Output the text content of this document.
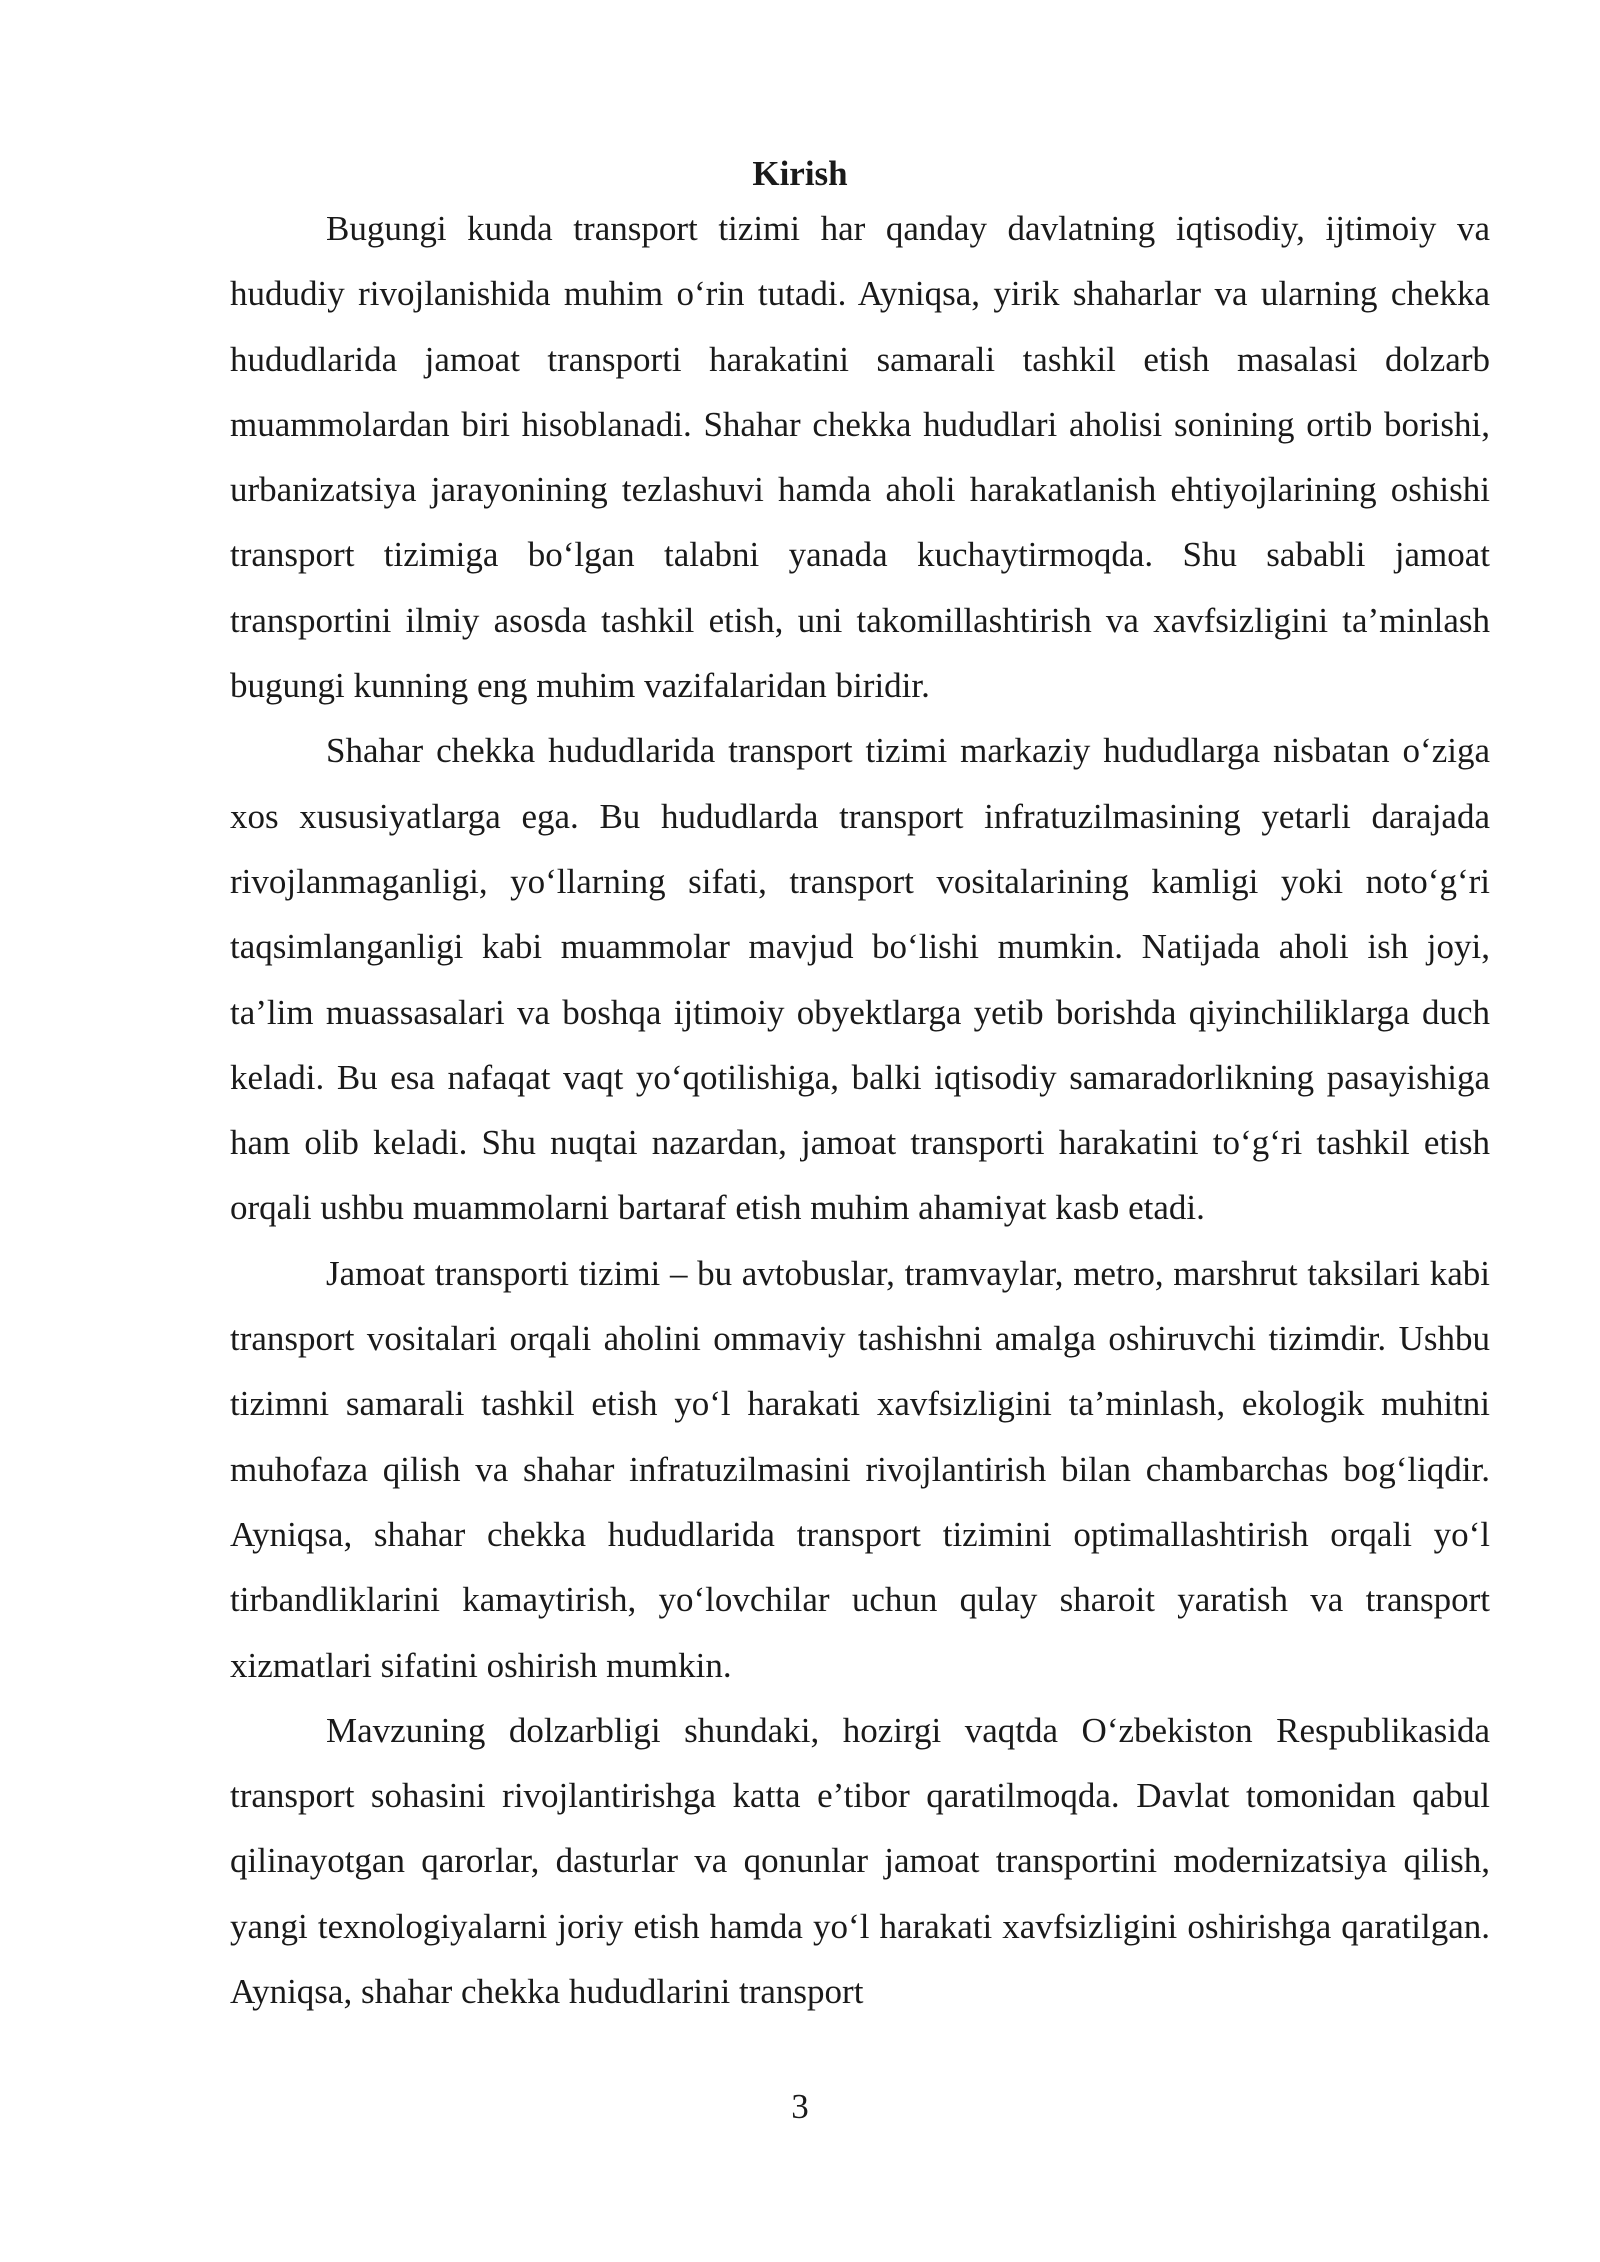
Kirish

Bugungi kunda transport tizimi har qanday davlatning iqtisodiy, ijtimoiy va hududiy rivojlanishida muhim o‘rin tutadi. Ayniqsa, yirik shaharlar va ularning chekka hududlarida jamoat transporti harakatini samarali tashkil etish masalasi dolzarb muammolardan biri hisoblanadi. Shahar chekka hududlari aholisi sonining ortib borishi, urbanizatsiya jarayonining tezlashuvi hamda aholi harakatlanish ehtiyojlarining oshishi transport tizimiga bo‘lgan talabni yanada kuchaytirmoqda. Shu sababli jamoat transportini ilmiy asosda tashkil etish, uni takomillashtirish va xavfsizligini ta’minlash bugungi kunning eng muhim vazifalaridan biridir.

Shahar chekka hududlarida transport tizimi markaziy hududlarga nisbatan o‘ziga xos xususiyatlarga ega. Bu hududlarda transport infratuzilmasining yetarli darajada rivojlanmaganligi, yo‘llarning sifati, transport vositalarining kamligi yoki noto‘g‘ri taqsimlanganligi kabi muammolar mavjud bo‘lishi mumkin. Natijada aholi ish joyi, ta’lim muassasalari va boshqa ijtimoiy obyektlarga yetib borishda qiyinchiliklarga duch keladi. Bu esa nafaqat vaqt yo‘qotilishiga, balki iqtisodiy samaradorlikning pasayishiga ham olib keladi. Shu nuqtai nazardan, jamoat transporti harakatini to‘g‘ri tashkil etish orqali ushbu muammolarni bartaraf etish muhim ahamiyat kasb etadi.

Jamoat transporti tizimi – bu avtobuslar, tramvaylar, metro, marshrut taksilari kabi transport vositalari orqali aholini ommaviy tashishni amalga oshiruvchi tizimdir. Ushbu tizimni samarali tashkil etish yo‘l harakati xavfsizligini ta’minlash, ekologik muhitni muhofaza qilish va shahar infratuzilmasini rivojlantirish bilan chambarchas bog‘liqdir. Ayniqsa, shahar chekka hududlarida transport tizimini optimallashtirish orqali yo‘l tirbandliklarini kamaytirish, yo‘lovchilar uchun qulay sharoit yaratish va transport xizmatlari sifatini oshirish mumkin.

Mavzuning dolzarbligi shundaki, hozirgi vaqtda O‘zbekiston Respublikasida transport sohasini rivojlantirishga katta e’tibor qaratilmoqda. Davlat tomonidan qabul qilinayotgan qarorlar, dasturlar va qonunlar jamoat transportini modernizatsiya qilish, yangi texnologiyalarni joriy etish hamda yo‘l harakati xavfsizligini oshirishga qaratilgan. Ayniqsa, shahar chekka hududlarini transport

3
